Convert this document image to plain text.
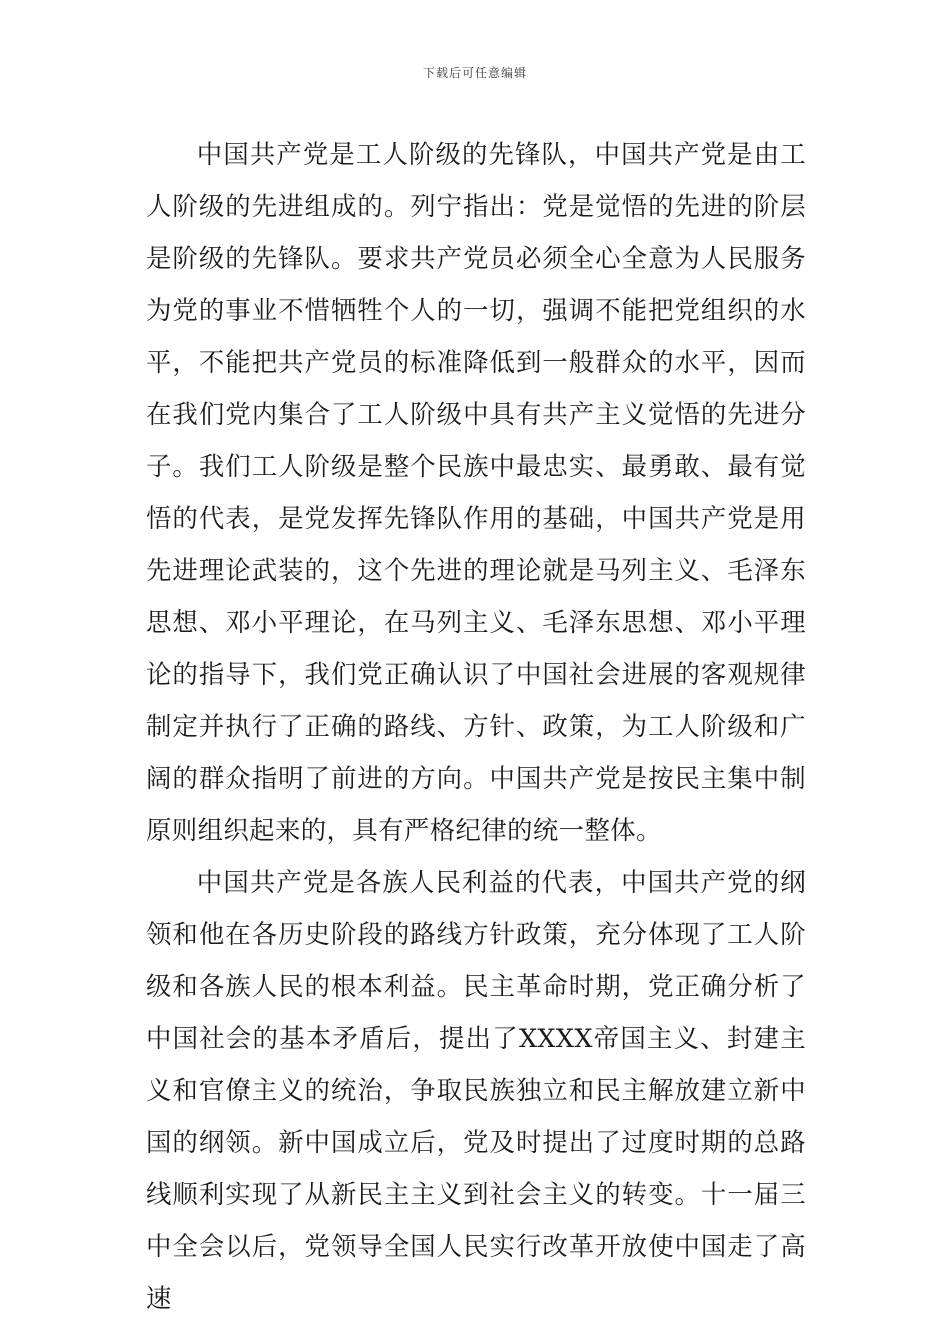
下载后可任意编辑

中国共产党是工人阶级的先锋队，中国共产党是由工人阶级的先进组成的。列宁指出：党是觉悟的先进的阶层是阶级的先锋队。要求共产党员必须全心全意为人民服务为党的事业不惜牺牲个人的一切，强调不能把党组织的水平，不能把共产党员的标准降低到一般群众的水平，因而在我们党内集合了工人阶级中具有共产主义觉悟的先进分子。我们工人阶级是整个民族中最忠实、最勇敢、最有觉悟的代表，是党发挥先锋队作用的基础，中国共产党是用先进理论武装的，这个先进的理论就是马列主义、毛泽东思想、邓小平理论，在马列主义、毛泽东思想、邓小平理论的指导下，我们党正确认识了中国社会进展的客观规律制定并执行了正确的路线、方针、政策，为工人阶级和广阔的群众指明了前进的方向。中国共产党是按民主集中制原则组织起来的，具有严格纪律的统一整体。

中国共产党是各族人民利益的代表，中国共产党的纲领和他在各历史阶段的路线方针政策，充分体现了工人阶级和各族人民的根本利益。民主革命时期，党正确分析了中国社会的基本矛盾后，提出了XXXX帝国主义、封建主义和官僚主义的统治，争取民族独立和民主解放建立新中国的纲领。新中国成立后，党及时提出了过度时期的总路线顺利实现了从新民主主义到社会主义的转变。十一届三中全会以后，党领导全国人民实行改革开放使中国走了高速
